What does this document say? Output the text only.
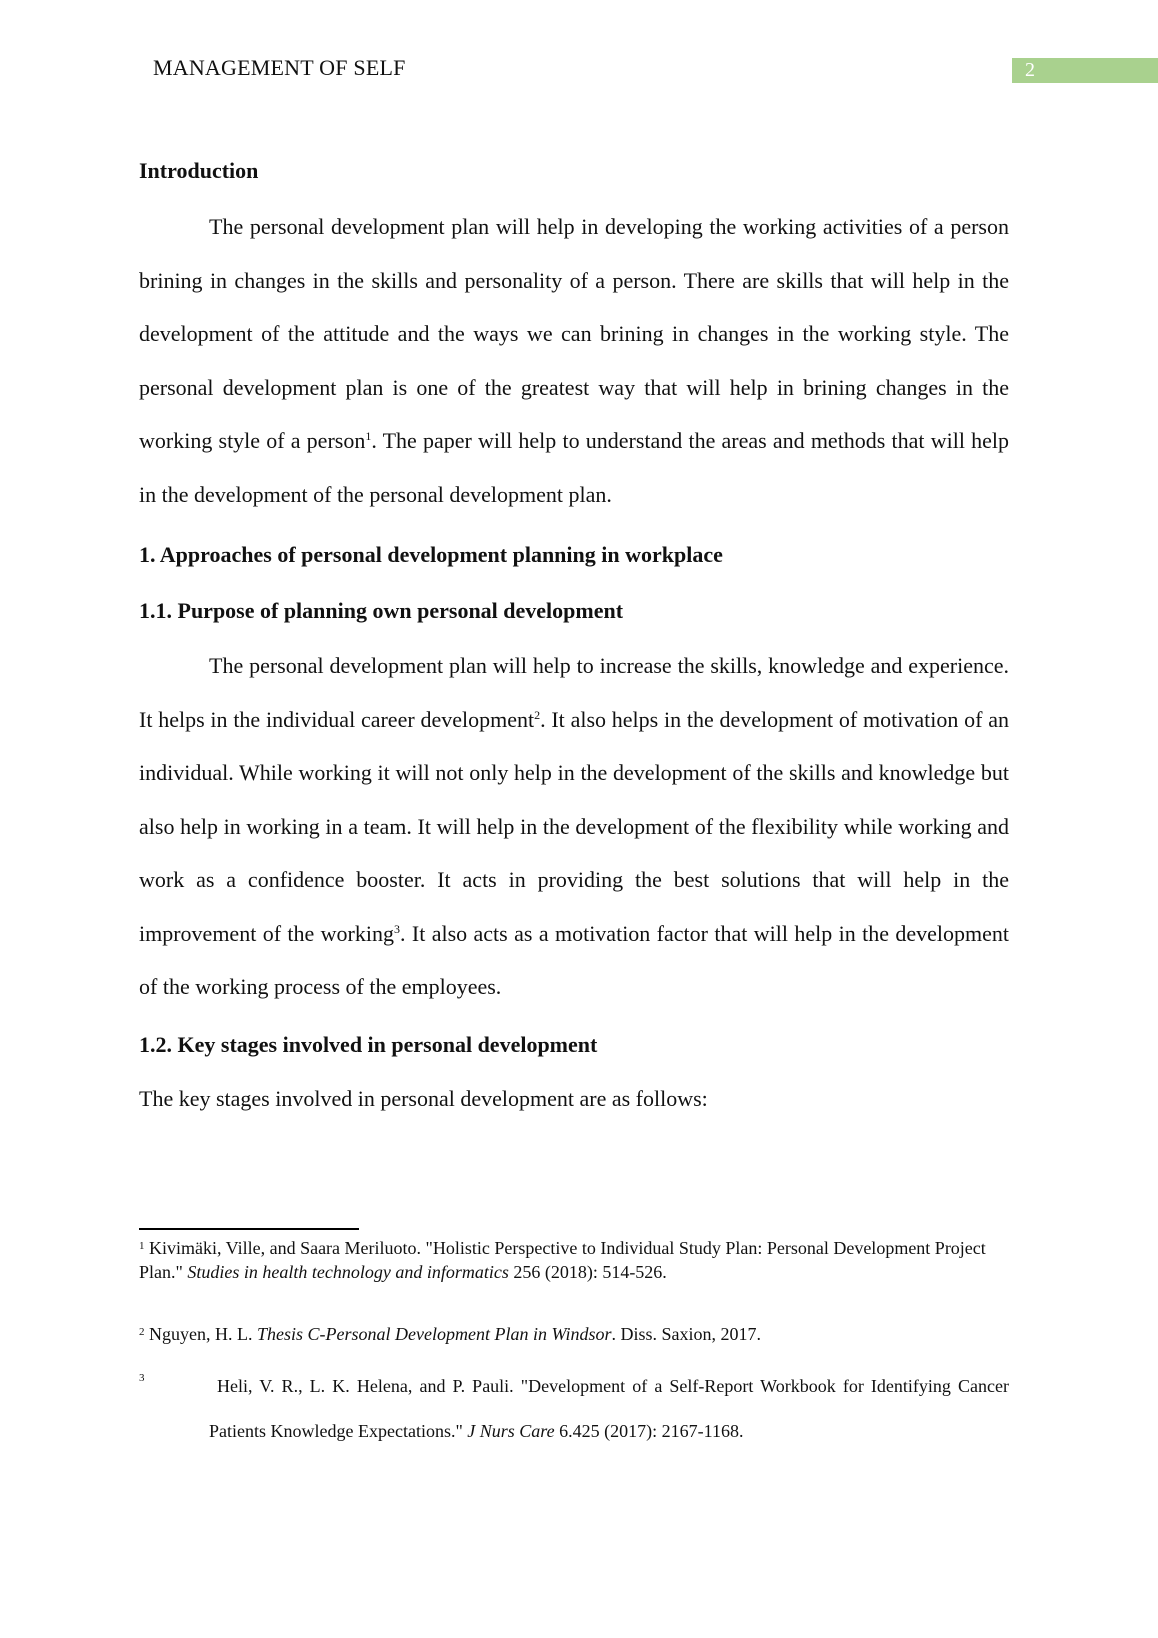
MANAGEMENT OF SELF	2
Introduction

The personal development plan will help in developing the working activities of a person brining in changes in the skills and personality of a person. There are skills that will help in the development of the attitude and the ways we can brining in changes in the working style. The personal development plan is one of the greatest way that will help in brining changes in the working style of a person$^1$. The paper will help to understand the areas and methods that will help in the development of the personal development plan.

1. Approaches of personal development planning in workplace
1.1. Purpose of planning own personal development

The personal development plan will help to increase the skills, knowledge and experience. It helps in the individual career development$^2$. It also helps in the development of motivation of an individual. While working it will not only help in the development of the skills and knowledge but also help in working in a team. It will help in the development of the flexibility while working and work as a confidence booster. It acts in providing the best solutions that will help in the improvement of the working$^3$. It also acts as a motivation factor that will help in the development of the working process of the employees.

1.2. Key stages involved in personal development

The key stages involved in personal development are as follows:

$^1$ Kivimäki, Ville, and Saara Meriluoto. "Holistic Perspective to Individual Study Plan: Personal Development Project Plan." Studies in health technology and informatics 256 (2018): 514-526.
$^2$ Nguyen, H. L. Thesis C-Personal Development Plan in Windsor. Diss. Saxion, 2017.
3	Heli, V. R., L. K. Helena, and P. Pauli. "Development of a Self-Report Workbook for Identifying Cancer Patients Knowledge Expectations." J Nurs Care 6.425 (2017): 2167-1168.
